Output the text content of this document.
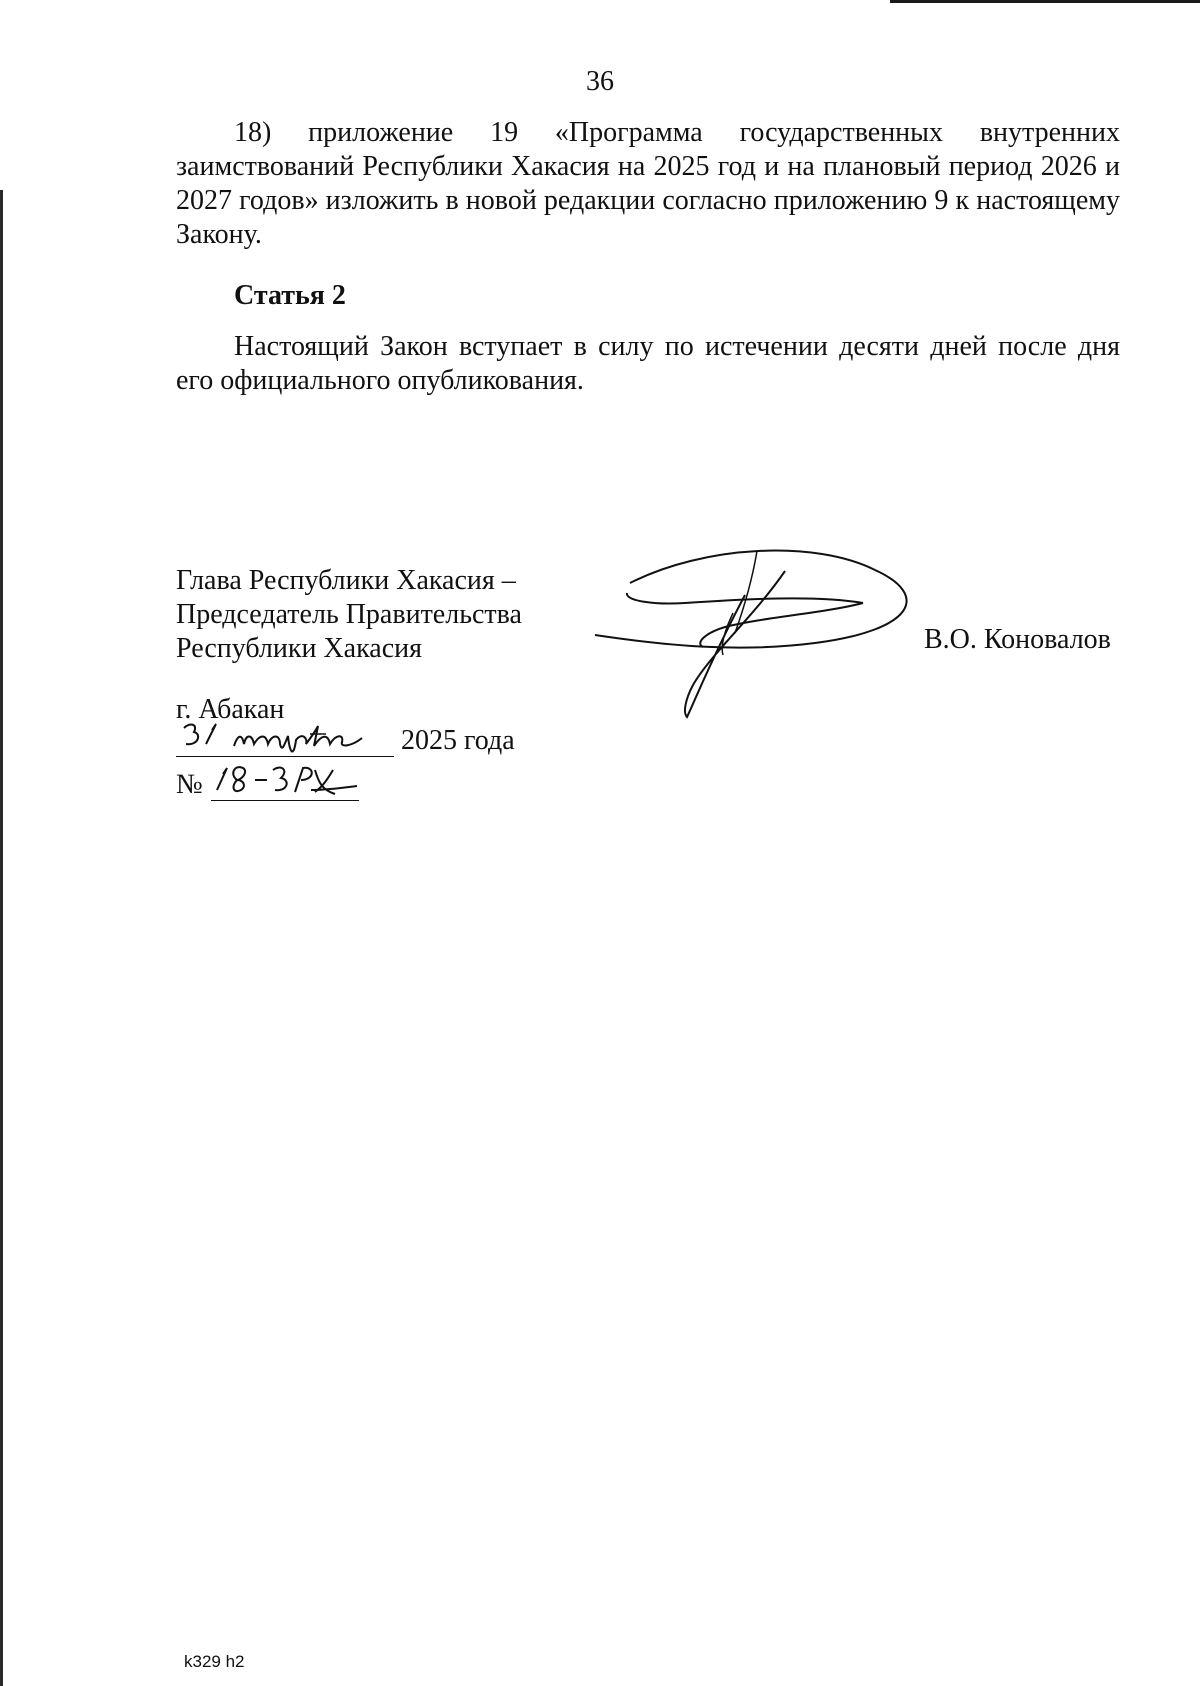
36

18) приложение 19 «Программа государственных внутренних заимствований Республики Хакасия на 2025 год и на плановый период 2026 и 2027 годов» изложить в новой редакции согласно приложению 9 к настоящему Закону.

Статья 2

Настоящий Закон вступает в силу по истечении десяти дней после дня его официального опубликования.

Глава Республики Хакасия –
Председатель Правительства
Республики Хакасия	В.О. Коновалов
г. Абакан
2025 года
№
k329 h2
